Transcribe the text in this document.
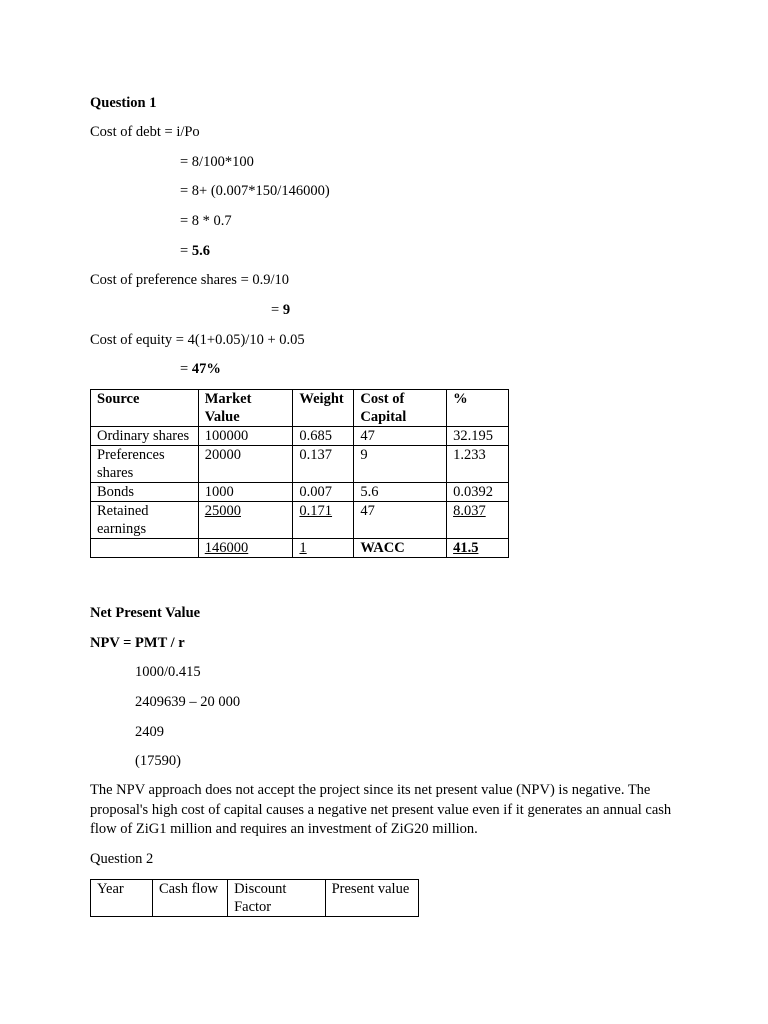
Question 1
Cost of debt = i/Po
= 8/100*100
= 8+ (0.007*150/146000)
= 8 * 0.7
= 5.6
Cost of preference shares = 0.9/10
= 9
Cost of equity = 4(1+0.05)/10 + 0.05
= 47%
Source	Market Value	Weight	Cost of Capital	%
Ordinary shares	100000	0.685	47	32.195
Preferences shares	20000	0.137	9	1.233
Bonds	1000	0.007	5.6	0.0392
Retained earnings	25000	0.171	47	8.037
	146000	1	WACC	41.5
Net Present Value
NPV = PMT / r
1000/0.415
2409639 – 20 000
2409
(17590)
The NPV approach does not accept the project since its net present value (NPV) is negative. The proposal's high cost of capital causes a negative net present value even if it generates an annual cash flow of ZiG1 million and requires an investment of ZiG20 million.
Question 2
Year	Cash flow	Discount Factor	Present value
